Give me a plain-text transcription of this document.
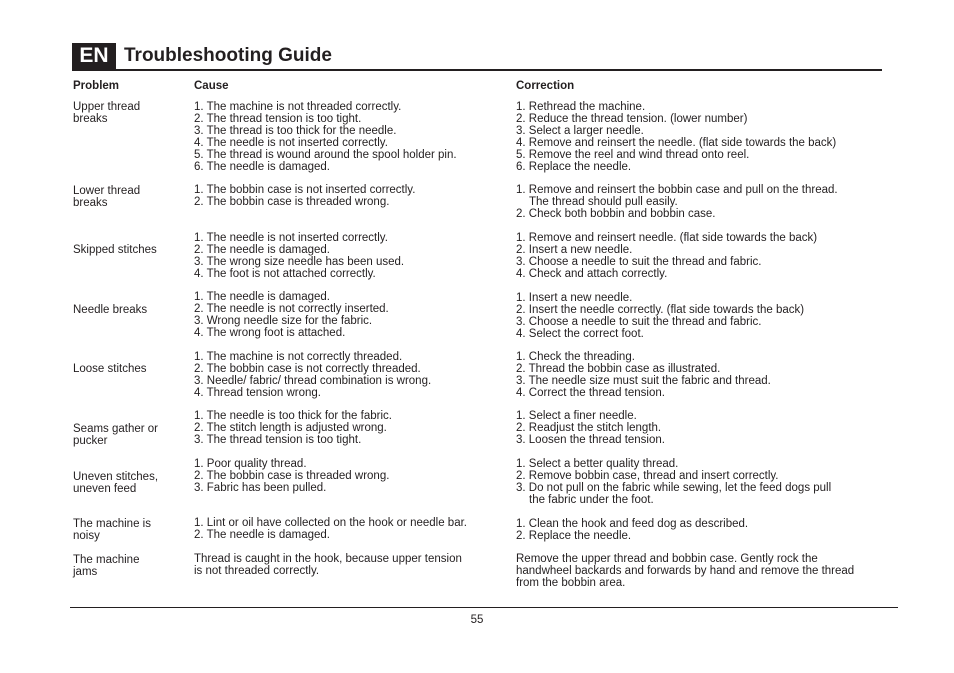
EN Troubleshooting Guide
Problem	Cause	Correction
Upper thread
breaks
1. The machine is not threaded correctly.
2. The thread tension is too tight.
3. The thread is too thick for the needle.
4. The needle is not inserted correctly.
5. The thread is wound around the spool holder pin.
6. The needle is damaged.
1. Rethread the machine.
2. Reduce the thread tension. (lower number)
3. Select a larger needle.
4. Remove and reinsert the needle. (flat side towards the back)
5. Remove the reel and wind thread onto reel.
6. Replace the needle.
Lower thread
breaks
1. The bobbin case is not inserted correctly.
2. The bobbin case is threaded wrong.
1. Remove and reinsert the bobbin case and pull on the thread.
The thread should pull easily.
2. Check both bobbin and bobbin case.
Skipped stitches
1. The needle is not inserted correctly.
2. The needle is damaged.
3. The wrong size needle has been used.
4. The foot is not attached correctly.
1. Remove and reinsert needle. (flat side towards the back)
2. Insert a new needle.
3. Choose a needle to suit the thread and fabric.
4. Check and attach correctly.
Needle breaks
1. The needle is damaged.
2. The needle is not correctly inserted.
3. Wrong needle size for the fabric.
4. The wrong foot is attached.
1. Insert a new needle.
2. Insert the needle correctly. (flat side towards the back)
3. Choose a needle to suit the thread and fabric.
4. Select the correct foot.
Loose stitches
1. The machine is not correctly threaded.
2. The bobbin case is not correctly threaded.
3. Needle/ fabric/ thread combination is wrong.
4. Thread tension wrong.
1. Check the threading.
2. Thread the bobbin case as illustrated.
3. The needle size must suit the fabric and thread.
4. Correct the thread tension.
Seams gather or
pucker
1. The needle is too thick for the fabric.
2. The stitch length is adjusted wrong.
3. The thread tension is too tight.
1. Select a finer needle.
2. Readjust the stitch length.
3. Loosen the thread tension.
Uneven stitches,
uneven feed
1. Poor quality thread.
2. The bobbin case is threaded wrong.
3. Fabric has been pulled.
1. Select a better quality thread.
2. Remove bobbin case, thread and insert correctly.
3. Do not pull on the fabric while sewing, let the feed dogs pull
the fabric under the foot.
The machine is
noisy
1. Lint or oil have collected on the hook or needle bar.
2. The needle is damaged.
1. Clean the hook and feed dog as described.
2. Replace the needle.
The machine
jams
Thread is caught in the hook, because upper tension
is not threaded correctly.
Remove the upper thread and bobbin case. Gently rock the
handwheel backards and forwards by hand and remove the thread
from the bobbin area.
55
